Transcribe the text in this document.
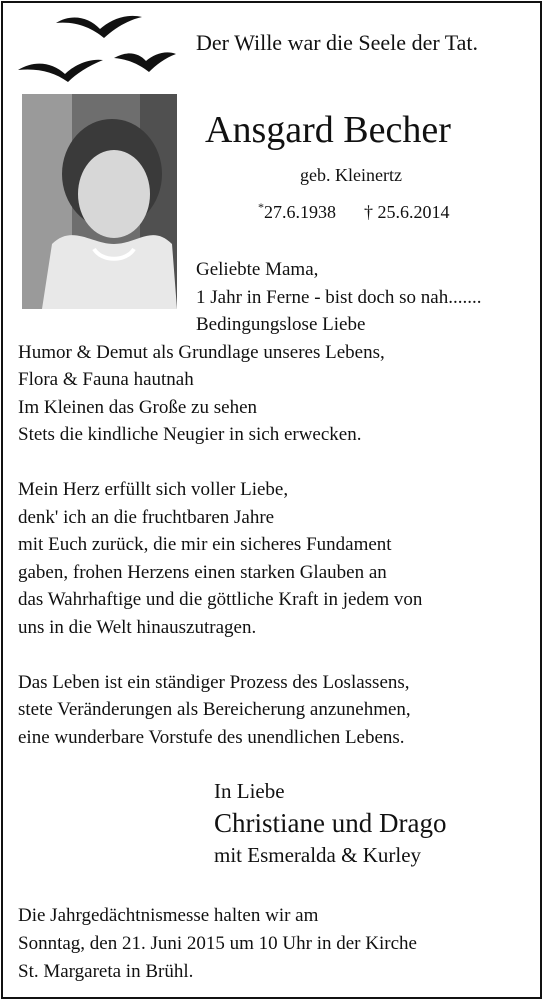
Der Wille war die Seele der Tat.
Ansgard Becher
geb. Kleinertz
*27.6.1938 † 25.6.2014
Geliebte Mama,
1 Jahr in Ferne - bist doch so nah.......
Bedingungslose Liebe
Humor & Demut als Grundlage unseres Lebens,
Flora & Fauna hautnah
Im Kleinen das Große zu sehen
Stets die kindliche Neugier in sich erwecken.
Mein Herz erfüllt sich voller Liebe,
denk' ich an die fruchtbaren Jahre
mit Euch zurück, die mir ein sicheres Fundament
gaben, frohen Herzens einen starken Glauben an
das Wahrhaftige und die göttliche Kraft in jedem von
uns in die Welt hinauszutragen.
Das Leben ist ein ständiger Prozess des Loslassens,
stete Veränderungen als Bereicherung anzunehmen,
eine wunderbare Vorstufe des unendlichen Lebens.
In Liebe
Christiane und Drago
mit Esmeralda & Kurley
Die Jahrgedächtnismesse halten wir am
Sonntag, den 21. Juni 2015 um 10 Uhr in der Kirche
St. Margareta in Brühl.
